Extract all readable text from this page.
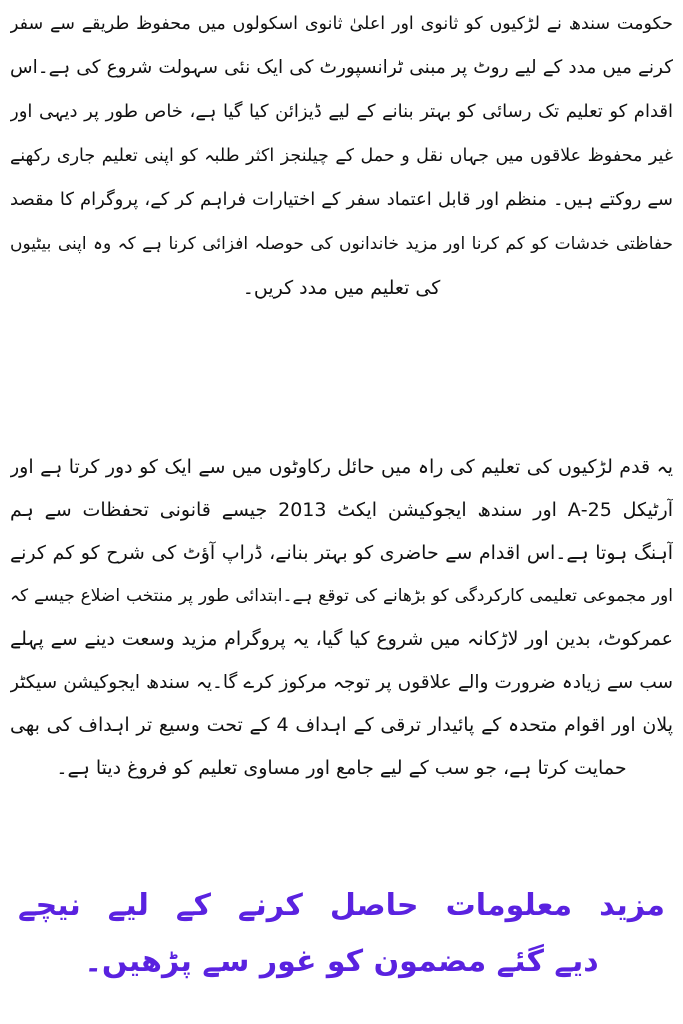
حکومت سندھ نے لڑکیوں کو ثانوی اور اعلیٰ ثانوی اسکولوں میں محفوظ طریقے سے سفر
کرنے میں مدد کے لیے روٹ پر مبنی ٹرانسپورٹ کی ایک نئی سہولت شروع کی ہے۔اس
اقدام کو تعلیم تک رسائی کو بہتر بنانے کے لیے ڈیزائن کیا گیا ہے، خاص طور پر دیہی اور
غیر محفوظ علاقوں میں جہاں نقل و حمل کے چیلنجز اکثر طلبہ کو اپنی تعلیم جاری رکھنے
سے روکتے ہیں۔ منظم اور قابل اعتماد سفر کے اختیارات فراہم کر کے، پروگرام کا مقصد
حفاظتی خدشات کو کم کرنا اور مزید خاندانوں کی حوصلہ افزائی کرنا ہے کہ وہ اپنی بیٹیوں
کی تعلیم میں مدد کریں۔
یہ قدم لڑکیوں کی تعلیم کی راہ میں حائل رکاوٹوں میں سے ایک کو دور کرتا ہے اور
آرٹیکل 25-A اور سندھ ایجوکیشن ایکٹ 2013 جیسے قانونی تحفظات سے ہم
آہنگ ہوتا ہے۔اس اقدام سے حاضری کو بہتر بنانے، ڈراپ آؤٹ کی شرح کو کم کرنے
اور مجموعی تعلیمی کارکردگی کو بڑھانے کی توقع ہے۔ابتدائی طور پر منتخب اضلاع جیسے کہ
عمرکوٹ، بدین اور لاڑکانہ میں شروع کیا گیا، یہ پروگرام مزید وسعت دینے سے پہلے
سب سے زیادہ ضرورت والے علاقوں پر توجہ مرکوز کرے گا۔یہ سندھ ایجوکیشن سیکٹر
پلان اور اقوام متحدہ کے پائیدار ترقی کے اہداف 4 کے تحت وسیع تر اہداف کی بھی
حمایت کرتا ہے، جو سب کے لیے جامع اور مساوی تعلیم کو فروغ دیتا ہے۔
مزید معلومات حاصل کرنے کے لیے نیچے
دیے گئے مضمون کو غور سے پڑھیں۔
